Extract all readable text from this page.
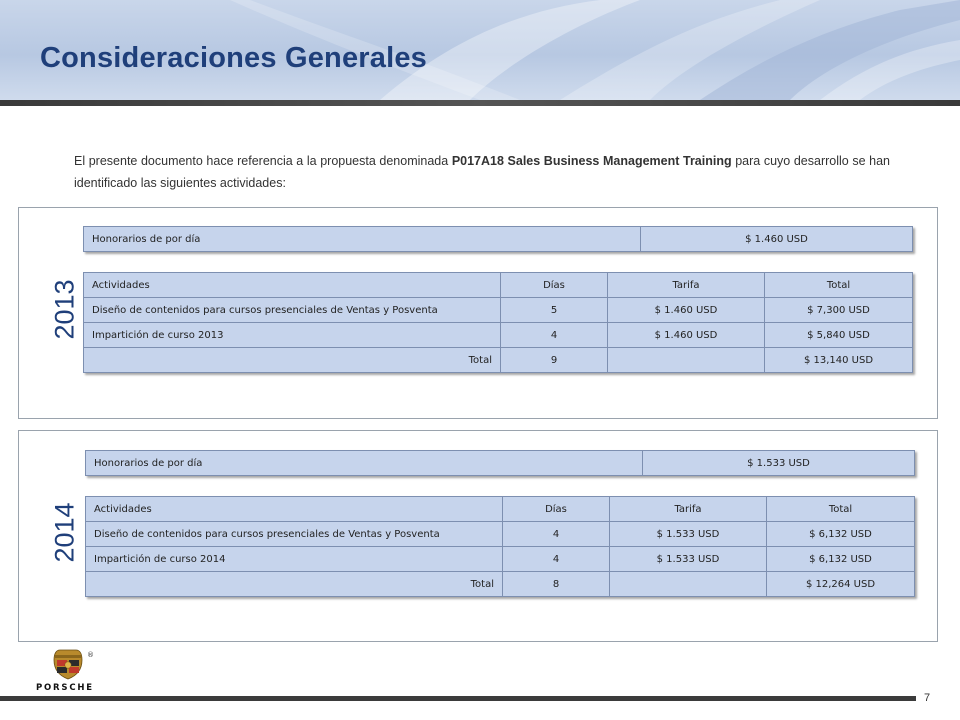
Consideraciones Generales
El presente documento hace referencia a la propuesta denominada P017A18 Sales Business Management Training para cuyo desarrollo se han identificado las siguientes actividades:
2013
Honorarios de por día	$ 1.460 USD
Actividades	Días	Tarifa	Total
Diseño de contenidos para cursos presenciales de Ventas y Posventa	5	$ 1.460 USD	$ 7,300 USD
Impartición de curso 2013	4	$ 1.460 USD	$ 5,840 USD
Total	9		$ 13,140 USD
2014
Honorarios de por día	$ 1.533 USD
Actividades	Días	Tarifa	Total
Diseño de contenidos para cursos presenciales de Ventas y Posventa	4	$ 1.533 USD	$ 6,132 USD
Impartición de curso 2014	4	$ 1.533 USD	$ 6,132 USD
Total	8		$ 12,264 USD
®
PORSCHE
7
